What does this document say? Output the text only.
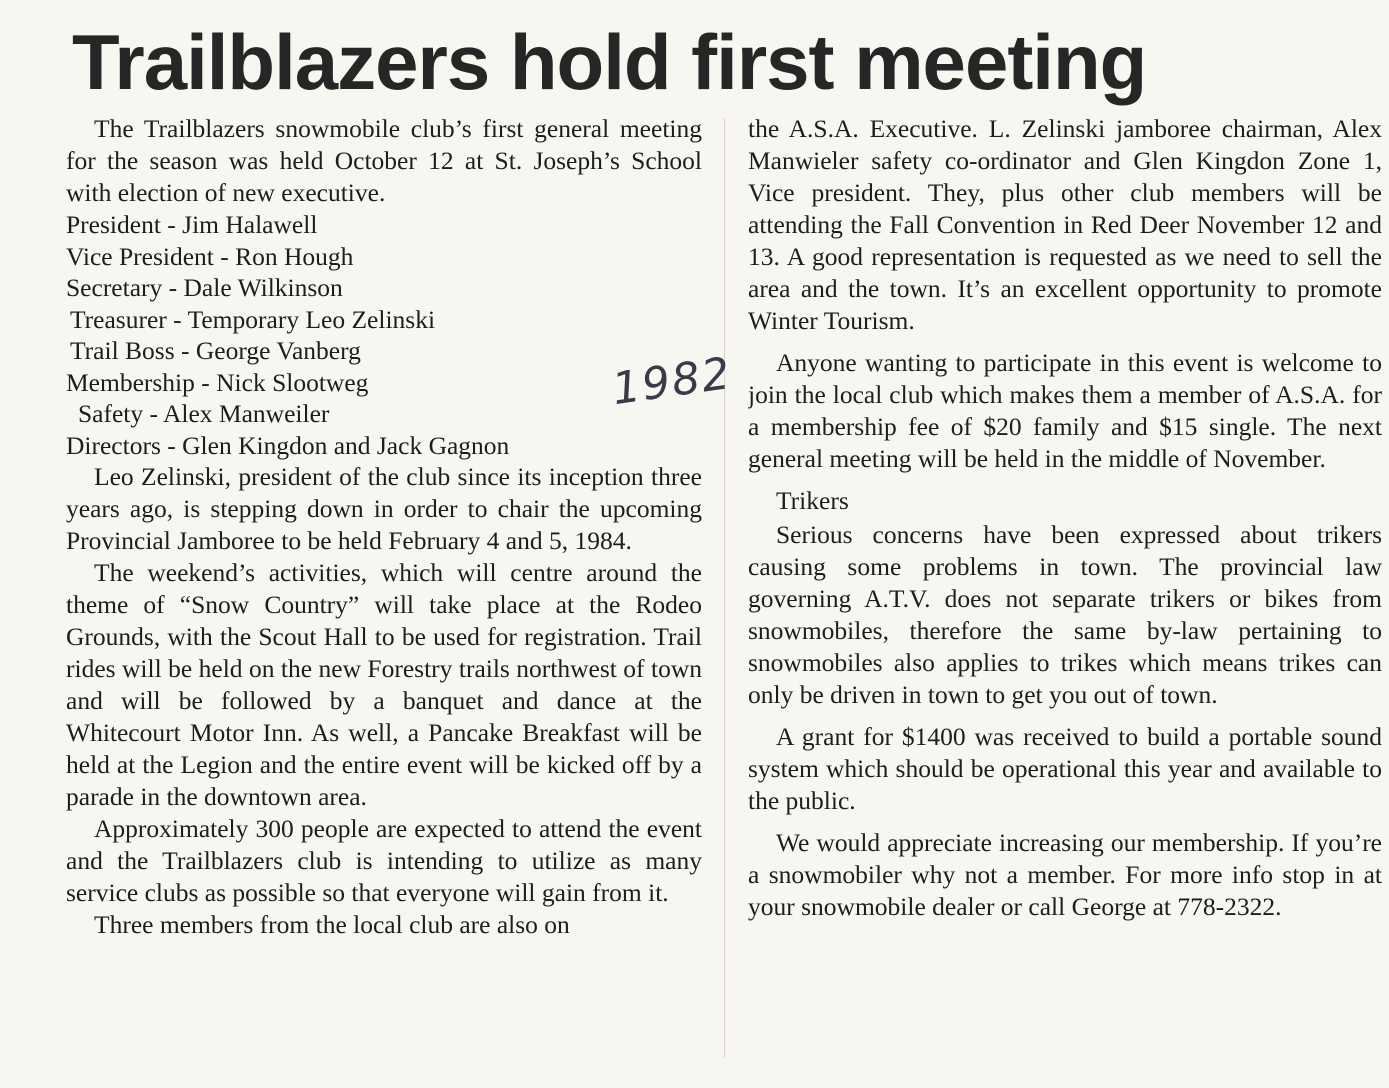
Trailblazers hold first meeting

The Trailblazers snowmobile club’s first general meeting for the season was held October 12 at St. Joseph’s School with election of new executive.

President - Jim Halawell
Vice President - Ron Hough
Secretary - Dale Wilkinson
Treasurer - Temporary Leo Zelinski
Trail Boss - George Vanberg
Membership - Nick Slootweg
Safety - Alex Manweiler
Directors - Glen Kingdon and Jack Gagnon

Leo Zelinski, president of the club since its inception three years ago, is stepping down in order to chair the upcoming Provincial Jamboree to be held February 4 and 5, 1984.

The weekend’s activities, which will centre around the theme of “Snow Country” will take place at the Rodeo Grounds, with the Scout Hall to be used for registration. Trail rides will be held on the new Forestry trails northwest of town and will be followed by a banquet and dance at the Whitecourt Motor Inn. As well, a Pancake Breakfast will be held at the Legion and the entire event will be kicked off by a parade in the downtown area.

Approximately 300 people are expected to attend the event and the Trailblazers club is intending to utilize as many service clubs as possible so that everyone will gain from it.

Three members from the local club are also on

1982

the A.S.A. Executive. L. Zelinski jamboree chairman, Alex Manwieler safety co-ordinator and Glen Kingdon Zone 1, Vice president. They, plus other club members will be attending the Fall Convention in Red Deer November 12 and 13. A good representation is requested as we need to sell the area and the town. It’s an excellent opportunity to promote Winter Tourism.

Anyone wanting to participate in this event is welcome to join the local club which makes them a member of A.S.A. for a membership fee of $20 family and $15 single. The next general meeting will be held in the middle of November.

Trikers

Serious concerns have been expressed about trikers causing some problems in town. The provincial law governing A.T.V. does not separate trikers or bikes from snowmobiles, therefore the same by-law pertaining to snowmobiles also applies to trikes which means trikes can only be driven in town to get you out of town.

A grant for $1400 was received to build a portable sound system which should be operational this year and available to the public.

We would appreciate increasing our membership. If you’re a snowmobiler why not a member. For more info stop in at your snowmobile dealer or call George at 778-2322.
